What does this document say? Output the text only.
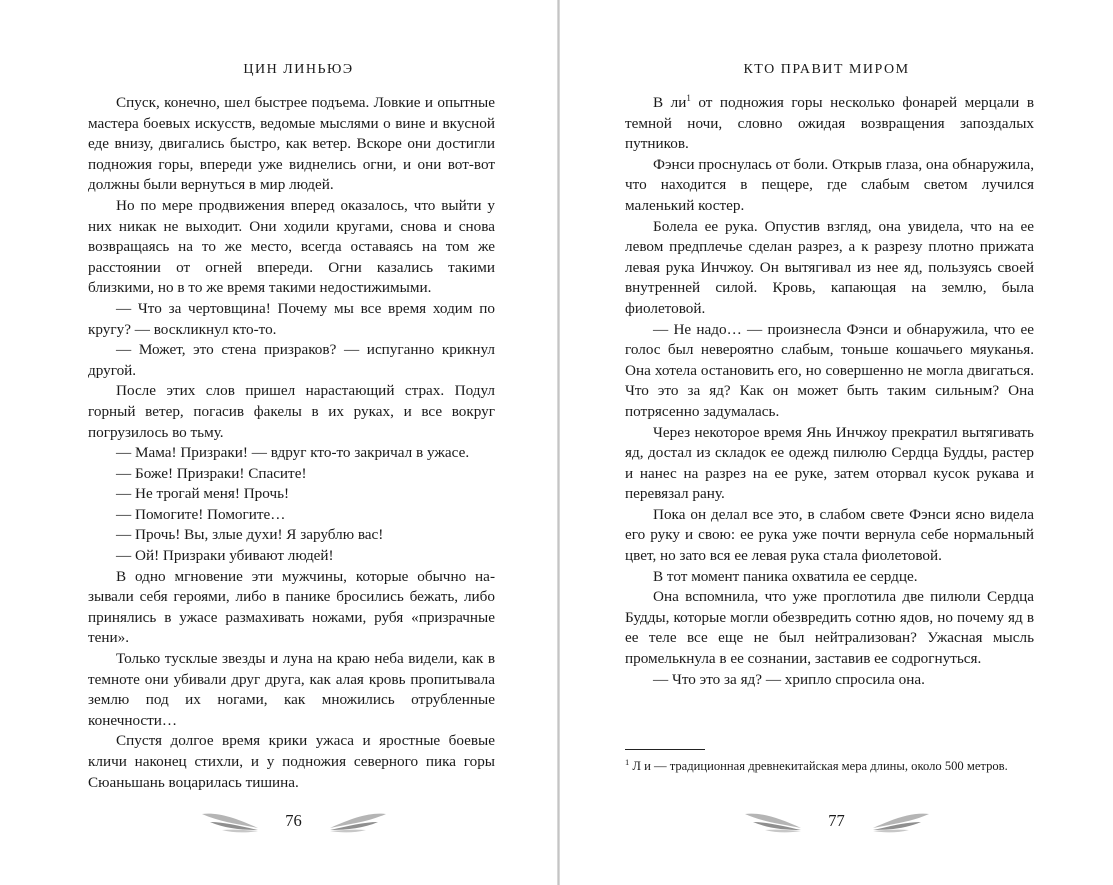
ЦИН ЛИНЬЮЭ

Спуск, конечно, шел быстрее подъема. Ловкие и опытные мастера боевых искусств, ведомые мыслями о вине и вкусной еде внизу, двигались быстро, как ветер. Вскоре они достигли подножия горы, впереди уже виднелись огни, и они вот-вот должны были вернуться в мир людей.

Но по мере продвижения вперед оказалось, что выйти у них никак не выходит. Они ходили кругами, снова и снова возвращаясь на то же место, всегда оставаясь на том же расстоянии от огней впереди. Огни казались такими близкими, но в то же время такими недостижимыми.

— Что за чертовщина! Почему мы все время ходим по кругу? — воскликнул кто-то.

— Может, это стена призраков? — испуганно крикнул другой.

После этих слов пришел нарастающий страх. Подул горный ветер, погасив факелы в их руках, и все вокруг погрузилось во тьму.

— Мама! Призраки! — вдруг кто-то закричал в ужасе.

— Боже! Призраки! Спасите!

— Не трогай меня! Прочь!

— Помогите! Помогите…

— Прочь! Вы, злые духи! Я зарублю вас!

— Ой! Призраки убивают людей!

В одно мгновение эти мужчины, которые обычно называли себя героями, либо в панике бросились бежать, либо принялись в ужасе размахивать ножами, рубя «призрачные тени».

Только тусклые звезды и луна на краю неба видели, как в темноте они убивали друг друга, как алая кровь пропитывала землю под их ногами, как множились отрубленные конечности…

Спустя долгое время крики ужаса и яростные боевые кличи наконец стихли, и у подножия северного пика горы Сюаньшань воцарилась тишина.

76
КТО ПРАВИТ МИРОМ

В ли$^1$ от подножия горы несколько фонарей мерцали в темной ночи, словно ожидая возвращения запоздалых путников.

Фэнси проснулась от боли. Открыв глаза, она обнаружила, что находится в пещере, где слабым светом лучился маленький костер.

Болела ее рука. Опустив взгляд, она увидела, что на ее левом предплечье сделан разрез, а к разрезу плотно прижата левая рука Инчжоу. Он вытягивал из нее яд, пользуясь своей внутренней силой. Кровь, капающая на землю, была фиолетовой.

— Не надо… — произнесла Фэнси и обнаружила, что ее голос был невероятно слабым, тоньше кошачьего мяуканья. Она хотела остановить его, но совершенно не могла двигаться. Что это за яд? Как он может быть таким сильным? Она потрясенно задумалась.

Через некоторое время Янь Инчжоу прекратил вытягивать яд, достал из складок ее одежд пилюлю Сердца Будды, растер и нанес на разрез на ее руке, затем оторвал кусок рукава и перевязал рану.

Пока он делал все это, в слабом свете Фэнси ясно видела его руку и свою: ее рука уже почти вернула себе нормальный цвет, но зато вся ее левая рука стала фиолетовой.

В тот момент паника охватила ее сердце.

Она вспомнила, что уже проглотила две пилюли Сердца Будды, которые могли обезвредить сотню ядов, но почему яд в ее теле все еще не был нейтрализован? Ужасная мысль промелькнула в ее сознании, заставив ее содрогнуться.

— Что это за яд? — хрипло спросила она.

$^1$ Л и — традиционная древнекитайская мера длины, около 500 метров.
77
